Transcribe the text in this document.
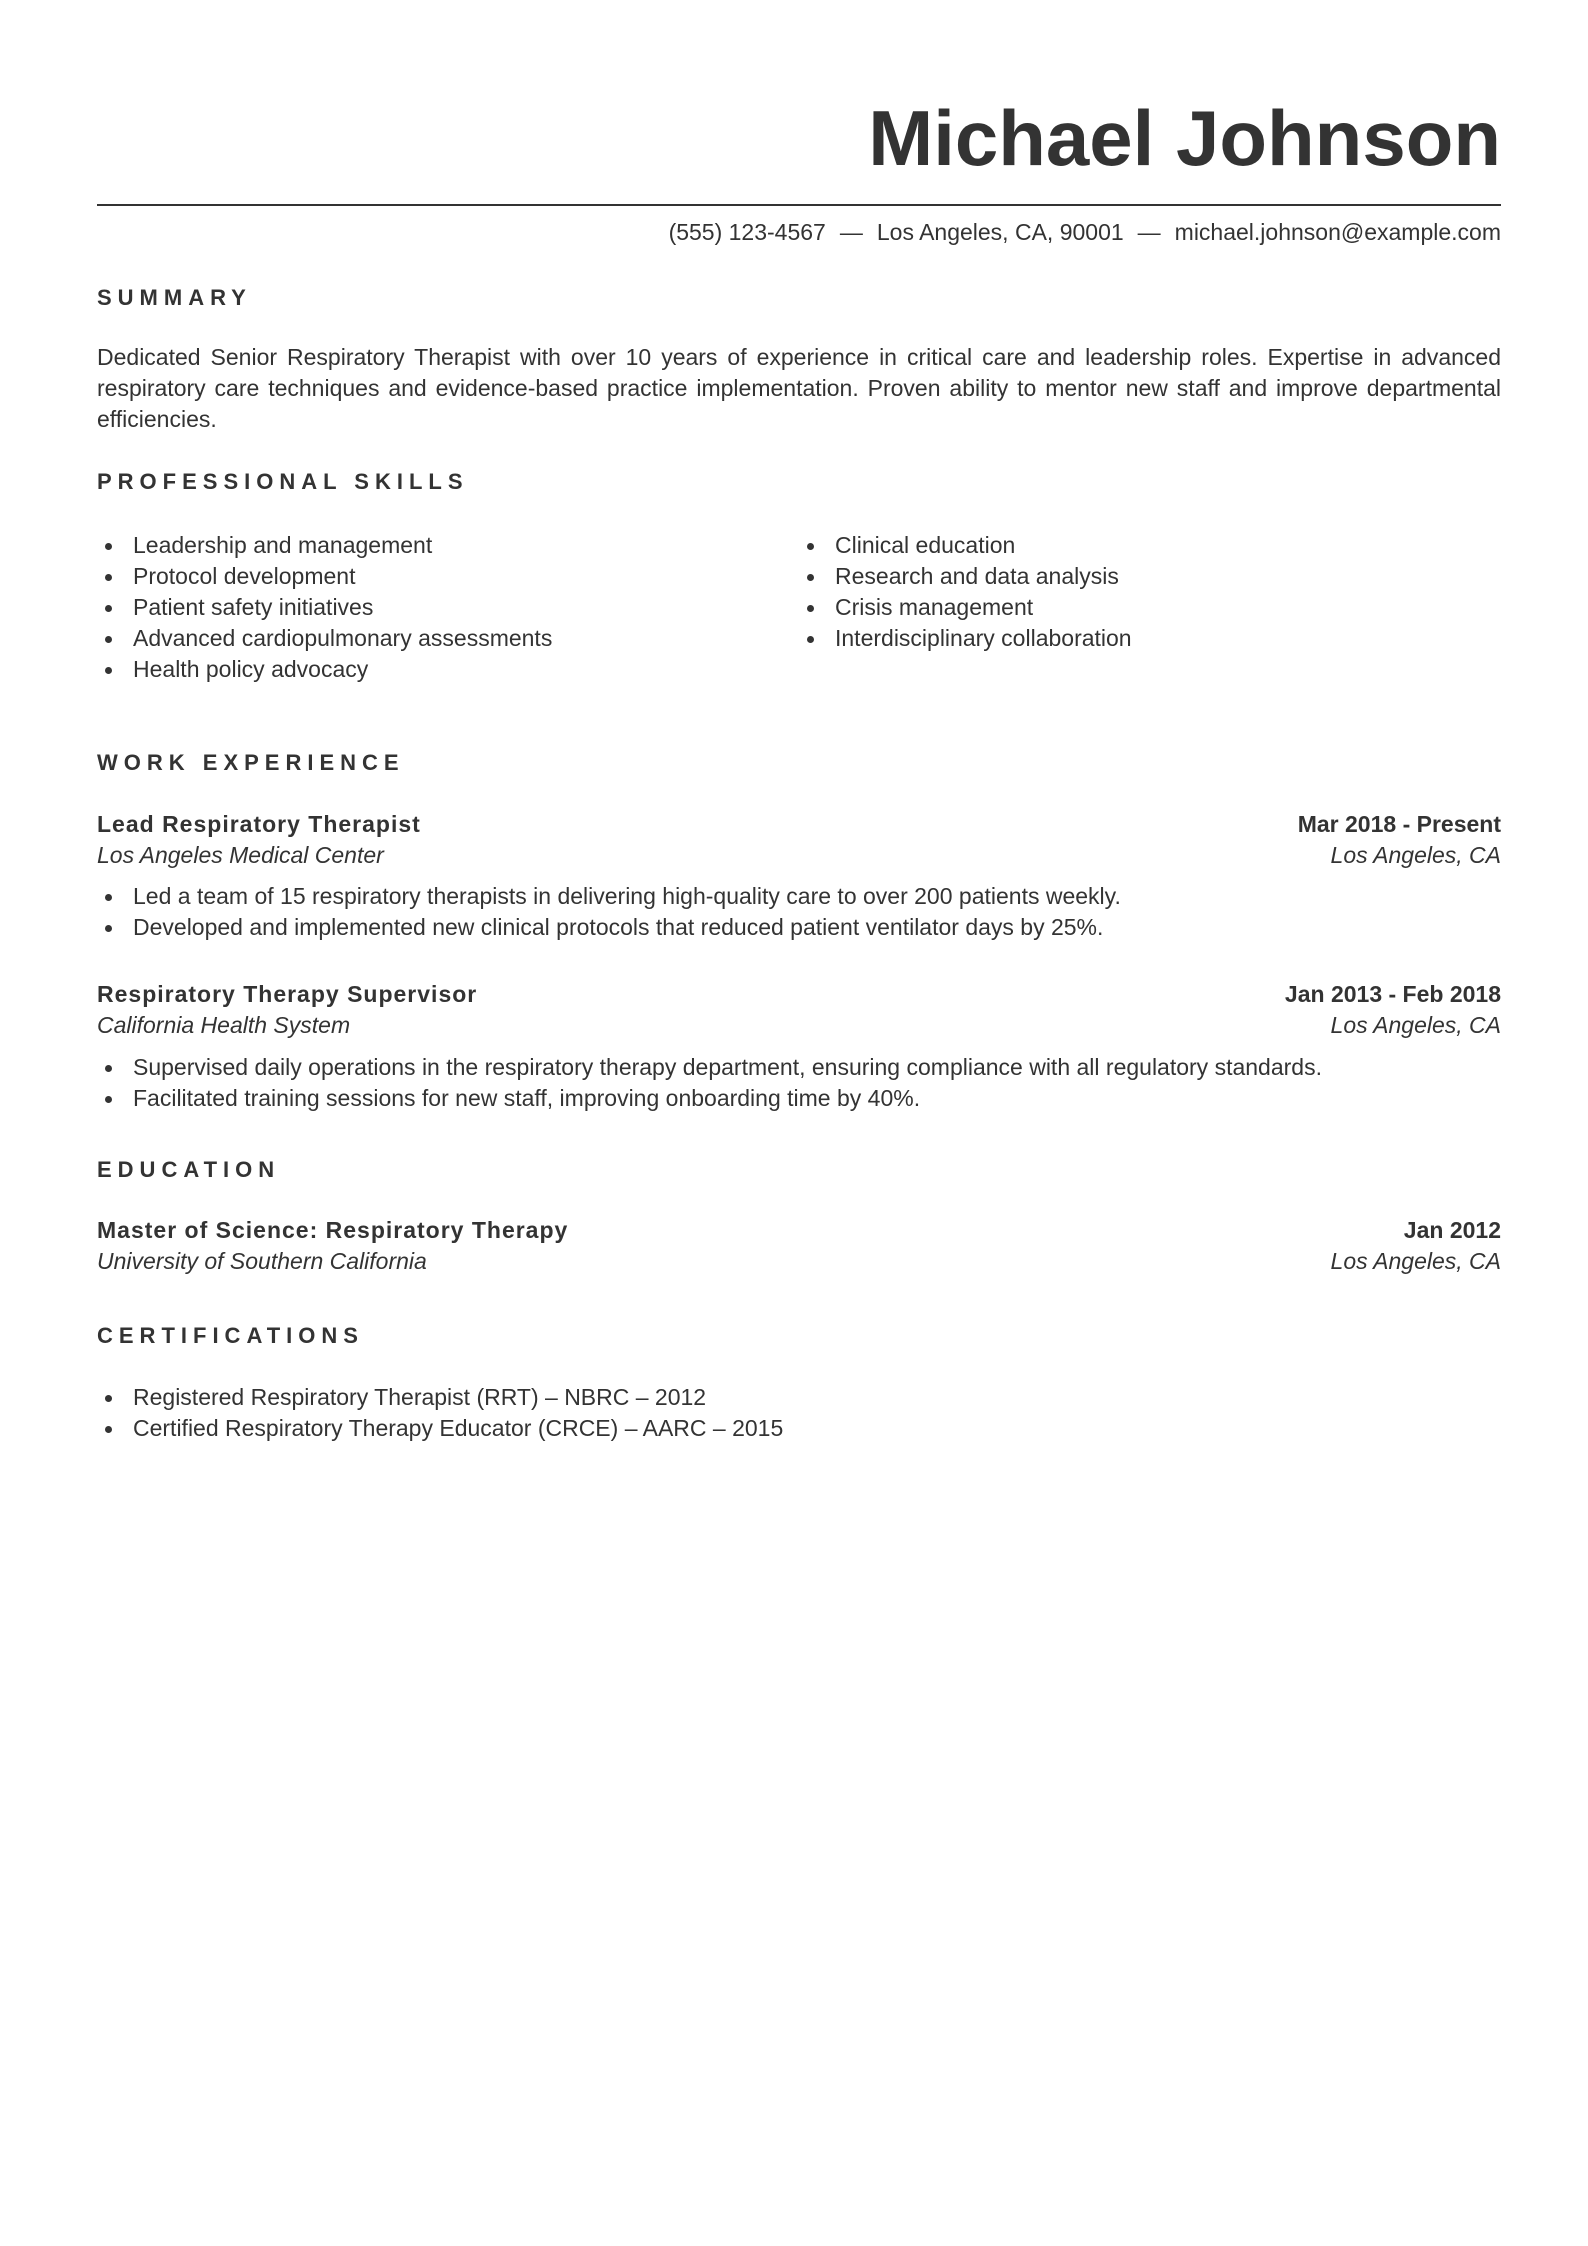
Michael Johnson
(555) 123-4567 — Los Angeles, CA, 90001 — michael.johnson@example.com
SUMMARY

Dedicated Senior Respiratory Therapist with over 10 years of experience in critical care and leadership roles. Expertise in advanced respiratory care techniques and evidence-based practice implementation. Proven ability to mentor new staff and improve departmental efficiencies.

PROFESSIONAL SKILLS
Leadership and management
Protocol development
Patient safety initiatives
Advanced cardiopulmonary assessments
Health policy advocacy
Clinical education
Research and data analysis
Crisis management
Interdisciplinary collaboration
WORK EXPERIENCE
Lead Respiratory Therapist	Mar 2018 - Present
Los Angeles Medical Center	Los Angeles, CA
Led a team of 15 respiratory therapists in delivering high-quality care to over 200 patients weekly.
Developed and implemented new clinical protocols that reduced patient ventilator days by 25%.
Respiratory Therapy Supervisor	Jan 2013 - Feb 2018
California Health System	Los Angeles, CA
Supervised daily operations in the respiratory therapy department, ensuring compliance with all regulatory standards.
Facilitated training sessions for new staff, improving onboarding time by 40%.
EDUCATION
Master of Science: Respiratory Therapy	Jan 2012
University of Southern California	Los Angeles, CA
CERTIFICATIONS
Registered Respiratory Therapist (RRT) – NBRC – 2012
Certified Respiratory Therapy Educator (CRCE) – AARC – 2015
